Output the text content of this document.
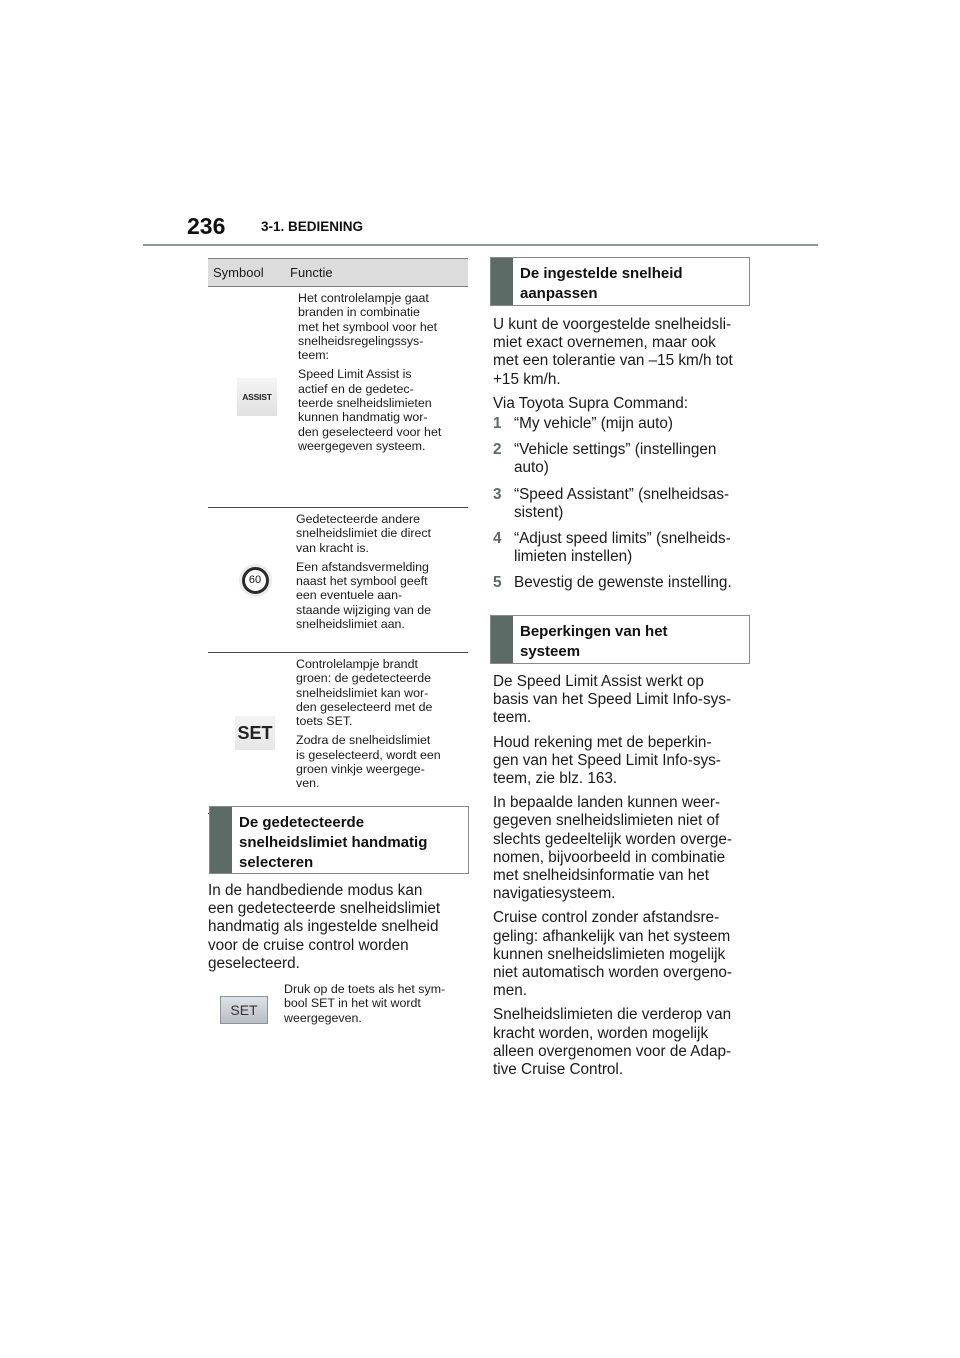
236	3-1. BEDIENING
Symbool	Functie
ASSIST

Het controlelampje gaat
branden in combinatie
met het symbool voor het
snelheidsregelingssys-
teem:

Speed Limit Assist is
actief en de gedetec-
teerde snelheidslimieten
kunnen handmatig wor-
den geselecteerd voor het
weergegeven systeem.

60

Gedetecteerde andere
snelheidslimiet die direct
van kracht is.

Een afstandsvermelding
naast het symbool geeft
een eventuele aan-
staande wijziging van de
snelheidslimiet aan.

SET

Controlelampje brandt
groen: de gedetecteerde
snelheidslimiet kan wor-
den geselecteerd met de
toets SET.

Zodra de snelheidslimiet
is geselecteerd, wordt een
groen vinkje weergege-
ven.

De gedetecteerde
snelheidslimiet handmatig
selecteren

In de handbediende modus kan
een gedetecteerde snelheidslimiet
handmatig als ingestelde snelheid
voor de cruise control worden
geselecteerd.

SET
Druk op de toets als het sym-
bool SET in het wit wordt
weergegeven.
De ingestelde snelheid
aanpassen

U kunt de voorgestelde snelheidsli-
miet exact overnemen, maar ook
met een tolerantie van –15 km/h tot
+15 km/h.

Via Toyota Supra Command:

1 “My vehicle” (mijn auto)
2 “Vehicle settings” (instellingen
auto)
3 “Speed Assistant” (snelheidsas-
sistent)
4 “Adjust speed limits” (snelheids-
limieten instellen)
5 Bevestig de gewenste instelling.
Beperkingen van het
systeem

De Speed Limit Assist werkt op
basis van het Speed Limit Info-sys-
teem.

Houd rekening met de beperkin-
gen van het Speed Limit Info-sys-
teem, zie blz. 163.

In bepaalde landen kunnen weer-
gegeven snelheidslimieten niet of
slechts gedeeltelijk worden overge-
nomen, bijvoorbeeld in combinatie
met snelheidsinformatie van het
navigatiesysteem.

Cruise control zonder afstandsre-
geling: afhankelijk van het systeem
kunnen snelheidslimieten mogelijk
niet automatisch worden overgeno-
men.

Snelheidslimieten die verderop van
kracht worden, worden mogelijk
alleen overgenomen voor de Adap-
tive Cruise Control.
